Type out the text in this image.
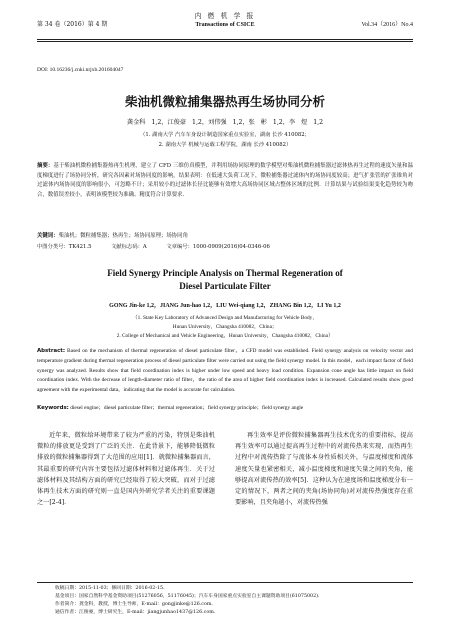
第 34 卷（2016）第 4 期
内 燃 机 学 报
Transactions of CSICE	Vol.34（2016）No.4
DOI: 10.16236/j.cnki.nrjxb.201604047
柴油机微粒捕集器热再生场协同分析
龚金科 1,2，江俊豪 1,2，刘伟强 1,2，张 彬 1,2，李 煜 1,2
（1. 湖南大学 汽车车身设计制造国家重点实验室，湖南 长沙 410082；
2. 湖南大学 机械与运载工程学院，湖南 长沙 410082）
摘要：基于柴油机微粒捕集器热再生机理，建立了 CFD 三维仿真模型，并利用场协同原理的数学模型对柴油机微粒捕集器过滤体热再生过程的速度矢量和温度梯度进行了场协同分析，研究各因素对场协同度的影响。结果表明：在低速大负荷工况下，微粒捕集器过滤体内的场协同度较高；进气扩张管的扩张锥角对过滤体内场协同度的影响很小，可忽略不计；采用较小的过滤体长径比能够有效增大高场协同区域占整体区域的比例．计算结果与试验结果变化趋势较为吻合，数值误差较小，表明该模型较为准确、精度符合计算要求．
关键词：柴油机；微粒捕集器；热再生；场协同原理；场协同角
中图分类号：TK421.5	文献标志码：A	文章编号：1000-0909(2016)04-0346-06
Field Synergy Principle Analysis on Thermal Regeneration of
Diesel Particulate Filter
GONG Jin-ke 1,2，JIANG Jun-hao 1,2，LIU Wei-qiang 1,2，ZHANG Bin 1,2，LI Yu 1,2
（1. State Key Laboratory of Advanced Design and Manufacturing for Vehicle Body，
Hunan University，Changsha 410082，China；
2. College of Mechanical and Vehicle Engineering，Hunan University，Changsha 410082，China）
Abstract: Based on the mechanism of thermal regeneration of diesel particulate filter，a CFD model was established. Field synergy analysis on velocity vector and temperature gradient during thermal regeneration process of diesel particulate filter were carried out using the field synergy model. In this model，each impact factor of field synergy was analyzed. Results show that field coordination index is higher under low speed and heavy load condition. Expansion cone angle has little impact on field coordination index. With the decrease of length-diameter ratio of filter，the ratio of the area of higher field coordination index is increased. Calculated results show good agreement with the experimental data，indicating that the model is accurate for calculation.
Keywords: diesel engine；diesel particulate filter；thermal regeneration；field synergy principle；field synergy angle
近年来，微粒给环境带来了较为严重的污染，特别是柴油机微粒的排放更是受到了广泛的关注．在此背景下，能够降低微粒排放的微粒捕集器得到了大范围的应用[1]．就微粒捕集器而言，其最重要的研究内容主要包括过滤体材料和过滤体再生．关于过滤体材料及其结构方面的研究已经取得了较大突破，而对于过滤体再生技术方面的研究则一直是国内外研究学者关注的重要课题之一[2-4]．
再生效率是评价微粒捕集器再生技术优劣的重要指标，提高再生效率可以通过提高再生过程中的对流传热来实现，而热再生过程中对流传热除了与流体本身性质相关外，与温度梯度和流体速度矢量也紧密相关，减小温度梯度和速度矢量之间的夹角，能够提高对流传热的效率[5]．这种认为在速度场和温度梯度分布一定的情况下，两者之间的夹角(场协同角)对对流传热强度存在重要影响，且夹角越小，对流传热强
收稿日期：2015-11-03；修回日期：2016-02-15.
基金项目：国家自然科学基金资助项目(51276056，51176045)；汽车车身国家重点实验室自主课题资助项目(61075002).
作者简介：龚金科，教授，博士生导师，E-mail：gongjinke@126.com.
通信作者：江俊豪，博士研究生，E-mail：jiangjunhao1437@126.com.
